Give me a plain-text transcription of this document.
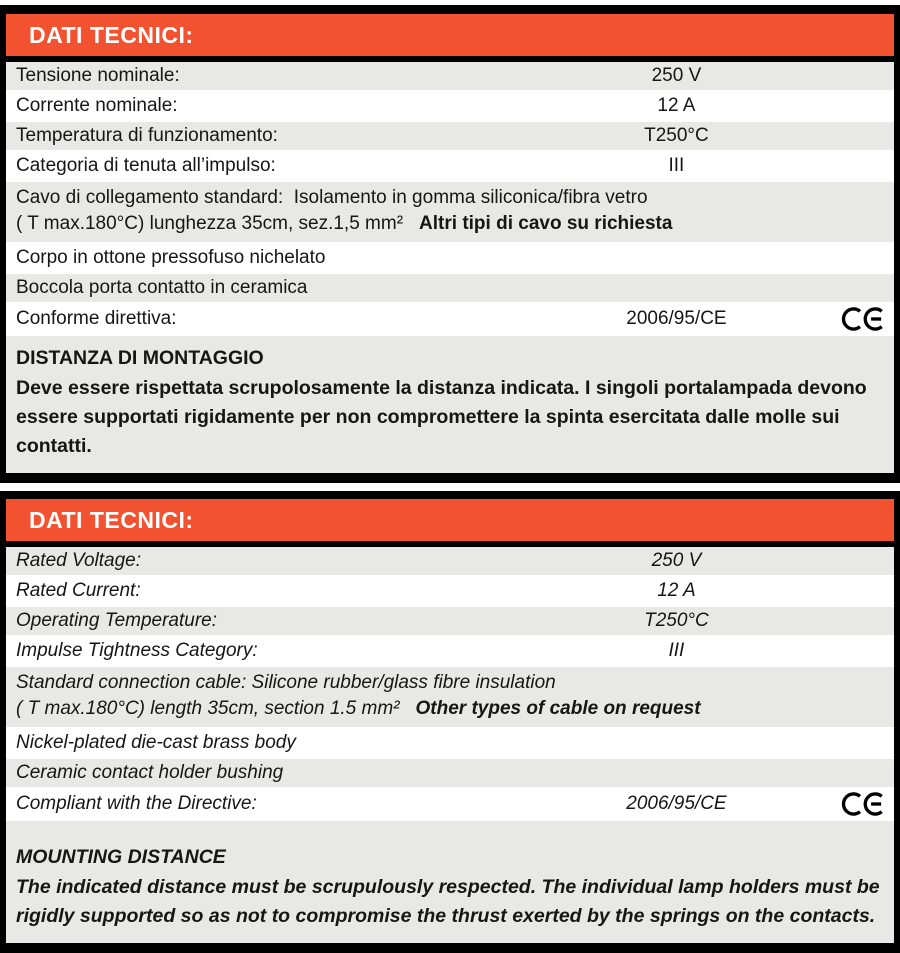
DATI TECNICI:
Tensione nominale:	250 V
Corrente nominale:	12 A
Temperatura di funzionamento:	T250°C
Categoria di tenuta all’impulso:	III
Cavo di collegamento standard:  Isolamento in gomma siliconica/fibra vetro
( T max.180°C) lunghezza 35cm, sez.1,5 mm² Altri tipi di cavo su richiesta
Corpo in ottone pressofuso nichelato
Boccola porta contatto in ceramica
Conforme direttiva:	2006/95/CE
DISTANZA DI MONTAGGIO
Deve essere rispettata scrupolosamente la distanza indicata. I singoli portalampada devono essere supportati rigidamente per non compromettere la spinta esercitata dalle molle sui contatti.
DATI TECNICI:
Rated Voltage:	250 V
Rated Current:	12 A
Operating Temperature:	T250°C
Impulse Tightness Category:	III
Standard connection cable: Silicone rubber/glass fibre insulation
( T max.180°C) length 35cm, section 1.5 mm² Other types of cable on request
Nickel-plated die-cast brass body
Ceramic contact holder bushing
Compliant with the Directive:	2006/95/CE
MOUNTING DISTANCE
The indicated distance must be scrupulously respected. The individual lamp holders must be rigidly supported so as not to compromise the thrust exerted by the springs on the contacts.
